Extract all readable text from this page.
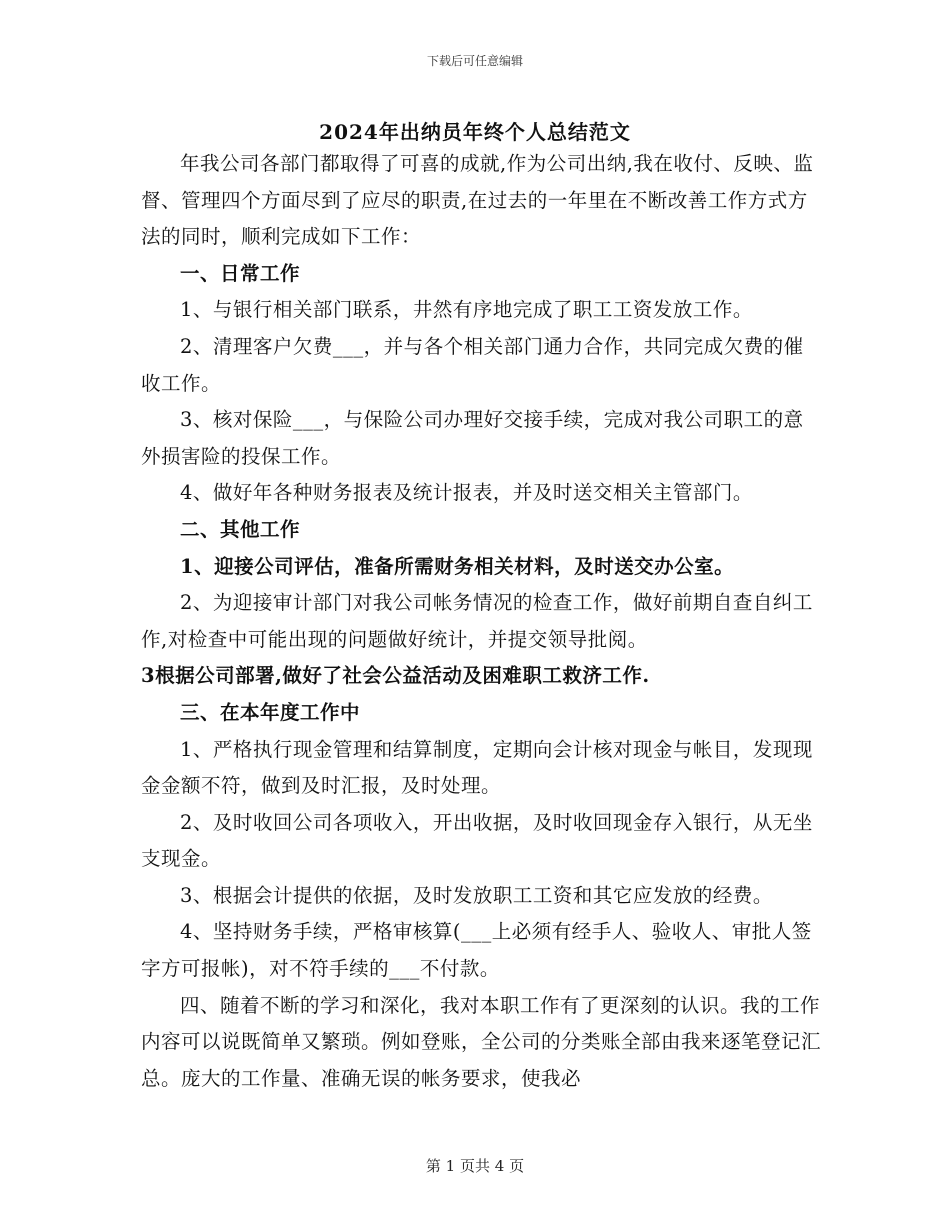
下载后可任意编辑
2024年出纳员年终个人总结范文

年我公司各部门都取得了可喜的成就,作为公司出纳,我在收付、反映、监督、管理四个方面尽到了应尽的职责,在过去的一年里在不断改善工作方式方法的同时，顺利完成如下工作：

一、日常工作

1、与银行相关部门联系，井然有序地完成了职工工资发放工作。

2、清理客户欠费___，并与各个相关部门通力合作，共同完成欠费的催收工作。

3、核对保险___，与保险公司办理好交接手续，完成对我公司职工的意外损害险的投保工作。

4、做好年各种财务报表及统计报表，并及时送交相关主管部门。

二、其他工作

1、迎接公司评估，准备所需财务相关材料，及时送交办公室。

2、为迎接审计部门对我公司帐务情况的检查工作，做好前期自查自纠工作,对检查中可能出现的问题做好统计，并提交领导批阅。

3根据公司部署,做好了社会公益活动及困难职工救济工作.

三、在本年度工作中

1、严格执行现金管理和结算制度，定期向会计核对现金与帐目，发现现金金额不符，做到及时汇报，及时处理。

2、及时收回公司各项收入，开出收据，及时收回现金存入银行，从无坐支现金。

3、根据会计提供的依据，及时发放职工工资和其它应发放的经费。

4、坚持财务手续，严格审核算(___上必须有经手人、验收人、审批人签字方可报帐)，对不符手续的___不付款。

四、随着不断的学习和深化，我对本职工作有了更深刻的认识。我的工作内容可以说既简单又繁琐。例如登账，全公司的分类账全部由我来逐笔登记汇总。庞大的工作量、准确无误的帐务要求，使我必

第 1 页共 4 页
